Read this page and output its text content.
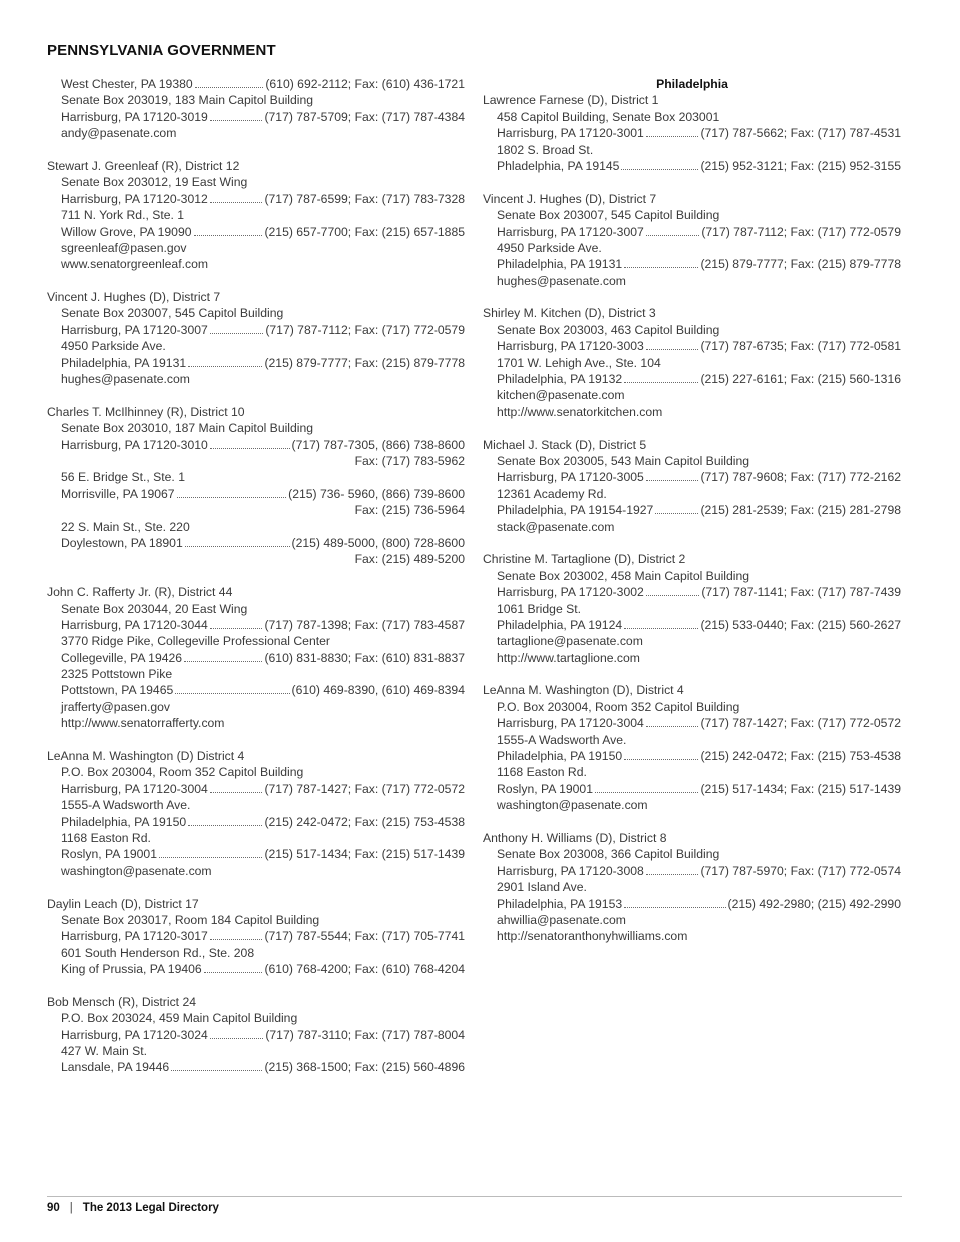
PENNSYLVANIA GOVERNMENT
West Chester, PA 19380	(610) 692-2112; Fax: (610) 436-1721
Senate Box 203019, 183 Main Capitol Building
Harrisburg, PA 17120-3019	(717) 787-5709; Fax: (717) 787-4384
andy@pasenate.com
Stewart J. Greenleaf (R), District 12
Senate Box 203012, 19 East Wing
Harrisburg, PA 17120-3012	(717) 787-6599; Fax: (717) 783-7328
711 N. York Rd., Ste. 1
Willow Grove, PA 19090	(215) 657-7700; Fax: (215) 657-1885
sgreenleaf@pasen.gov
www.senatorgreenleaf.com
Vincent J. Hughes (D), District 7
Senate Box 203007, 545 Capitol Building
Harrisburg, PA 17120-3007	(717) 787-7112; Fax: (717) 772-0579
4950 Parkside Ave.
Philadelphia, PA 19131	(215) 879-7777; Fax: (215) 879-7778
hughes@pasenate.com
Charles T. McIlhinney (R), District 10
Senate Box 203010, 187 Main Capitol Building
Harrisburg, PA 17120-3010	(717) 787-7305, (866) 738-8600
Fax: (717) 783-5962
56 E. Bridge St., Ste. 1
Morrisville, PA 19067	(215) 736- 5960, (866) 739-8600
Fax: (215) 736-5964
22 S. Main St., Ste. 220
Doylestown, PA 18901	(215) 489-5000, (800) 728-8600
Fax: (215) 489-5200
John C. Rafferty Jr. (R), District 44
Senate Box 203044, 20 East Wing
Harrisburg, PA 17120-3044	(717) 787-1398; Fax: (717) 783-4587
3770 Ridge Pike, Collegeville Professional Center
Collegeville, PA 19426	(610) 831-8830; Fax: (610) 831-8837
2325 Pottstown Pike
Pottstown, PA 19465	(610) 469-8390, (610) 469-8394
jrafferty@pasen.gov
http://www.senatorrafferty.com
LeAnna M. Washington (D) District 4
P.O. Box 203004, Room 352 Capitol Building
Harrisburg, PA 17120-3004	(717) 787-1427; Fax: (717) 772-0572
1555-A Wadsworth Ave.
Philadelphia, PA 19150	(215) 242-0472; Fax: (215) 753-4538
1168 Easton Rd.
Roslyn, PA 19001	(215) 517-1434; Fax: (215) 517-1439
washington@pasenate.com
Daylin Leach (D), District 17
Senate Box 203017, Room 184 Capitol Building
Harrisburg, PA 17120-3017	(717) 787-5544; Fax: (717) 705-7741
601 South Henderson Rd., Ste. 208
King of Prussia, PA 19406	(610) 768-4200; Fax: (610) 768-4204
Bob Mensch (R), District 24
P.O. Box 203024, 459 Main Capitol Building
Harrisburg, PA 17120-3024	(717) 787-3110; Fax: (717) 787-8004
427 W. Main St.
Lansdale, PA 19446	(215) 368-1500; Fax: (215) 560-4896
Philadelphia
Lawrence Farnese (D), District 1
458 Capitol Building, Senate Box 203001
Harrisburg, PA 17120-3001	(717) 787-5662; Fax: (717) 787-4531
1802 S. Broad St.
Phladelphia, PA 19145	(215) 952-3121; Fax: (215) 952-3155
Vincent J. Hughes (D), District 7
Senate Box 203007, 545 Capitol Building
Harrisburg, PA 17120-3007	(717) 787-7112; Fax: (717) 772-0579
4950 Parkside Ave.
Philadelphia, PA 19131	(215) 879-7777; Fax: (215) 879-7778
hughes@pasenate.com
Shirley M. Kitchen (D), District 3
Senate Box 203003, 463 Capitol Building
Harrisburg, PA 17120-3003	(717) 787-6735; Fax: (717) 772-0581
1701 W. Lehigh Ave., Ste. 104
Philadelphia, PA 19132	(215) 227-6161; Fax: (215) 560-1316
kitchen@pasenate.com
http://www.senatorkitchen.com
Michael J. Stack (D), District 5
Senate Box 203005, 543 Main Capitol Building
Harrisburg, PA 17120-3005	(717) 787-9608; Fax: (717) 772-2162
12361 Academy Rd.
Philadelphia, PA 19154-1927	(215) 281-2539; Fax: (215) 281-2798
stack@pasenate.com
Christine M. Tartaglione (D), District 2
Senate Box 203002, 458 Main Capitol Building
Harrisburg, PA 17120-3002	(717) 787-1141; Fax: (717) 787-7439
1061 Bridge St.
Philadelphia, PA 19124	(215) 533-0440; Fax: (215) 560-2627
tartaglione@pasenate.com
http://www.tartaglione.com
LeAnna M. Washington (D), District 4
P.O. Box 203004, Room 352 Capitol Building
Harrisburg, PA 17120-3004	(717) 787-1427; Fax: (717) 772-0572
1555-A Wadsworth Ave.
Philadelphia, PA 19150	(215) 242-0472; Fax: (215) 753-4538
1168 Easton Rd.
Roslyn, PA 19001	(215) 517-1434; Fax: (215) 517-1439
washington@pasenate.com
Anthony H. Williams (D), District 8
Senate Box 203008, 366 Capitol Building
Harrisburg, PA 17120-3008	(717) 787-5970; Fax: (717) 772-0574
2901 Island Ave.
Philadelphia, PA 19153	(215) 492-2980; (215) 492-2990
ahwillia@pasenate.com
http://senatoranthonyhwilliams.com
90 | The 2013 Legal Directory
